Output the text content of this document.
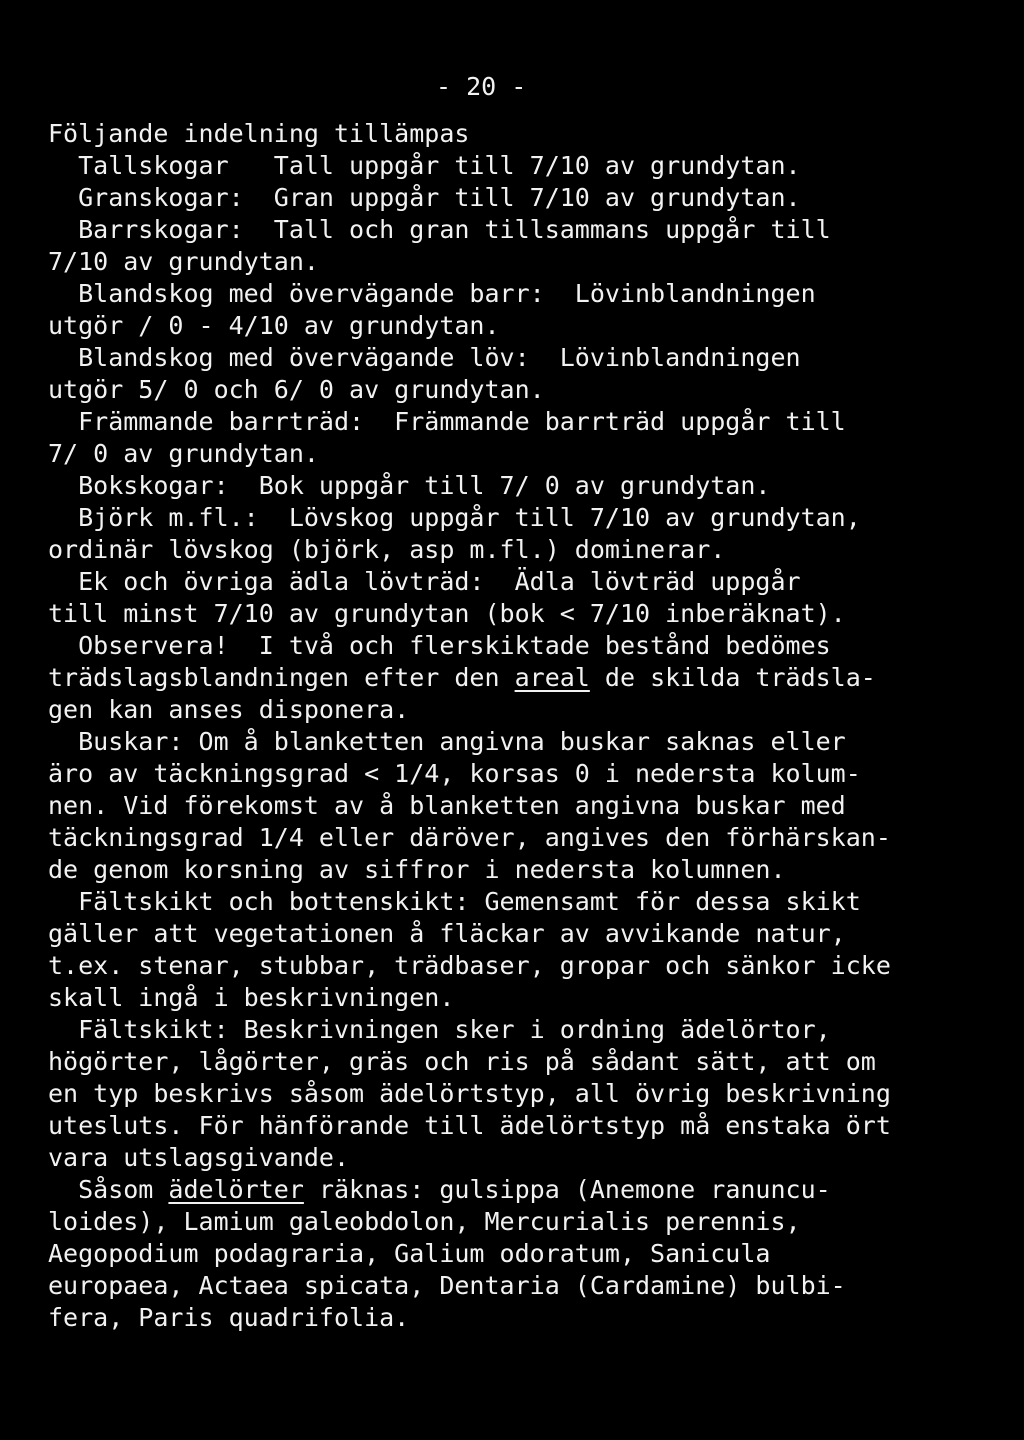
- 20 -
Följande indelning tillämpas
Tallskogar   Tall uppgår till 7/10 av grundytan.
Granskogar:  Gran uppgår till 7/10 av grundytan.
Barrskogar:  Tall och gran tillsammans uppgår till
7/10 av grundytan.
Blandskog med övervägande barr:  Lövinblandningen
utgör / 0 - 4/10 av grundytan.
Blandskog med övervägande löv:  Lövinblandningen
utgör 5/ 0 och 6/ 0 av grundytan.
Främmande barrträd:  Främmande barrträd uppgår till
7/ 0 av grundytan.
Bokskogar:  Bok uppgår till 7/ 0 av grundytan.
Björk m.fl.:  Lövskog uppgår till 7/10 av grundytan,
ordinär lövskog (björk, asp m.fl.) dominerar.
Ek och övriga ädla lövträd:  Ädla lövträd uppgår
till minst 7/10 av grundytan (bok < 7/10 inberäknat).
Observera!  I två och flerskiktade bestånd bedömes
trädslagsblandningen efter den areal de skilda trädsla-
gen kan anses disponera.
Buskar: Om å blanketten angivna buskar saknas eller
äro av täckningsgrad < 1/4, korsas 0 i nedersta kolum-
nen. Vid förekomst av å blanketten angivna buskar med
täckningsgrad 1/4 eller däröver, angives den förhärskan-
de genom korsning av siffror i nedersta kolumnen.
Fältskikt och bottenskikt: Gemensamt för dessa skikt
gäller att vegetationen å fläckar av avvikande natur,
t.ex. stenar, stubbar, trädbaser, gropar och sänkor icke
skall ingå i beskrivningen.
Fältskikt: Beskrivningen sker i ordning ädelörtor,
högörter, lågörter, gräs och ris på sådant sätt, att om
en typ beskrivs såsom ädelörtstyp, all övrig beskrivning
utesluts. För hänförande till ädelörtstyp må enstaka ört
vara utslagsgivande.
Såsom ädelörter räknas: gulsippa (Anemone ranuncu-
loides), Lamium galeobdolon, Mercurialis perennis,
Aegopodium podagraria, Galium odoratum, Sanicula
europaea, Actaea spicata, Dentaria (Cardamine) bulbi-
fera, Paris quadrifolia.
